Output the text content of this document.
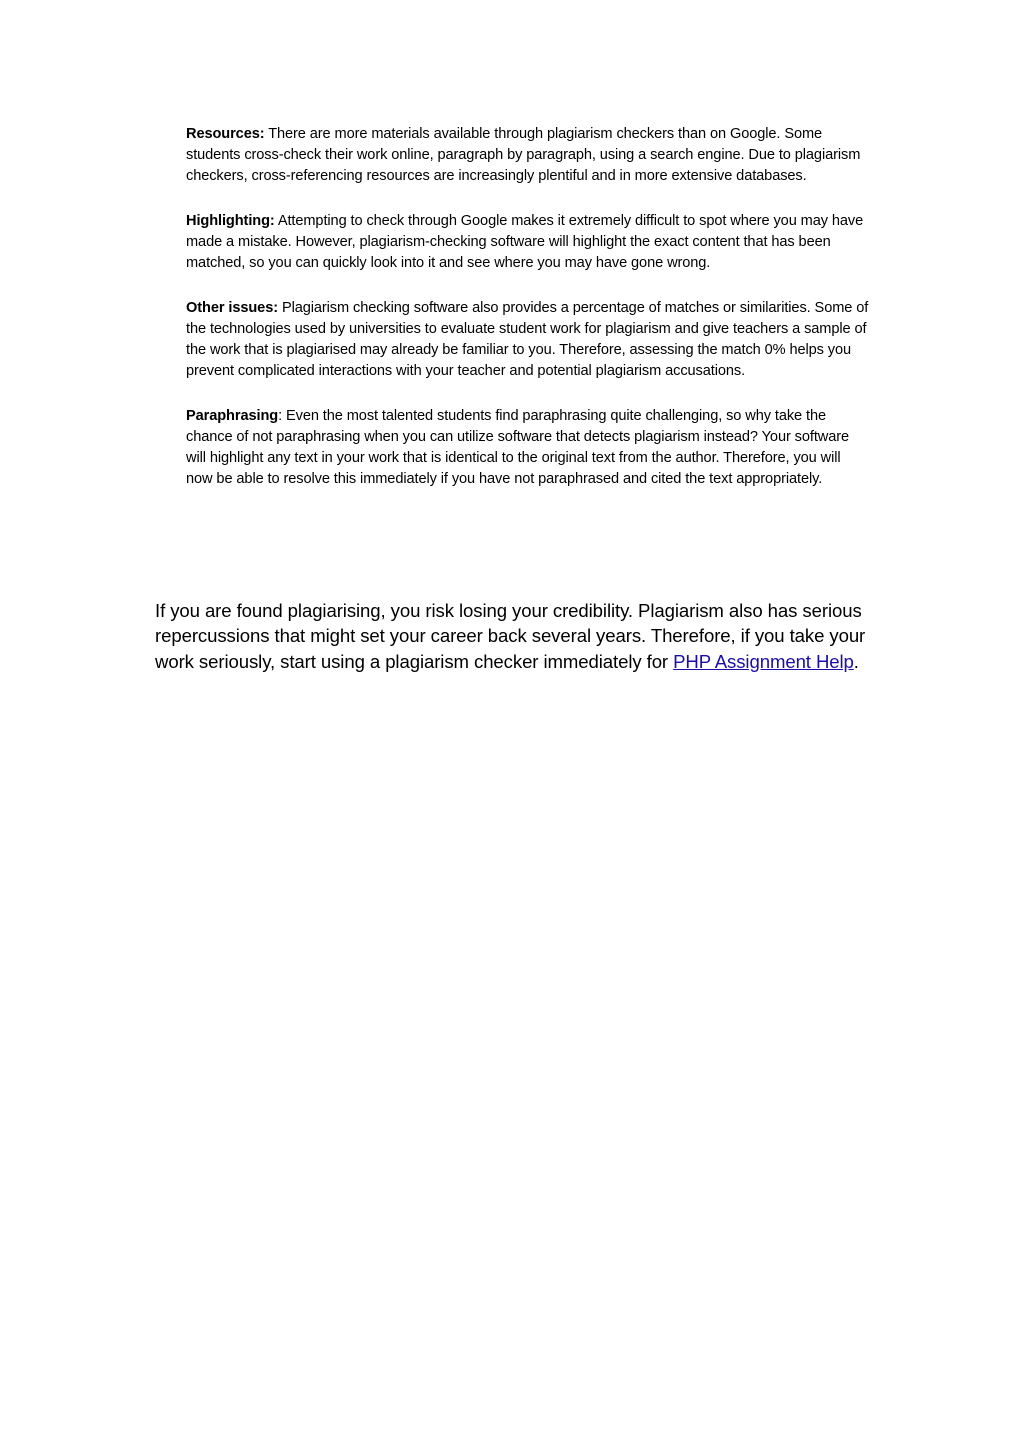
Resources: There are more materials available through plagiarism checkers than on Google. Some students cross-check their work online, paragraph by paragraph, using a search engine. Due to plagiarism checkers, cross-referencing resources are increasingly plentiful and in more extensive databases.

Highlighting: Attempting to check through Google makes it extremely difficult to spot where you may have made a mistake. However, plagiarism-checking software will highlight the exact content that has been matched, so you can quickly look into it and see where you may have gone wrong.

Other issues: Plagiarism checking software also provides a percentage of matches or similarities. Some of the technologies used by universities to evaluate student work for plagiarism and give teachers a sample of the work that is plagiarised may already be familiar to you. Therefore, assessing the match 0% helps you prevent complicated interactions with your teacher and potential plagiarism accusations.

Paraphrasing: Even the most talented students find paraphrasing quite challenging, so why take the chance of not paraphrasing when you can utilize software that detects plagiarism instead? Your software will highlight any text in your work that is identical to the original text from the author. Therefore, you will now be able to resolve this immediately if you have not paraphrased and cited the text appropriately.

If you are found plagiarising, you risk losing your credibility. Plagiarism also has serious repercussions that might set your career back several years. Therefore, if you take your work seriously, start using a plagiarism checker immediately for PHP Assignment Help.
